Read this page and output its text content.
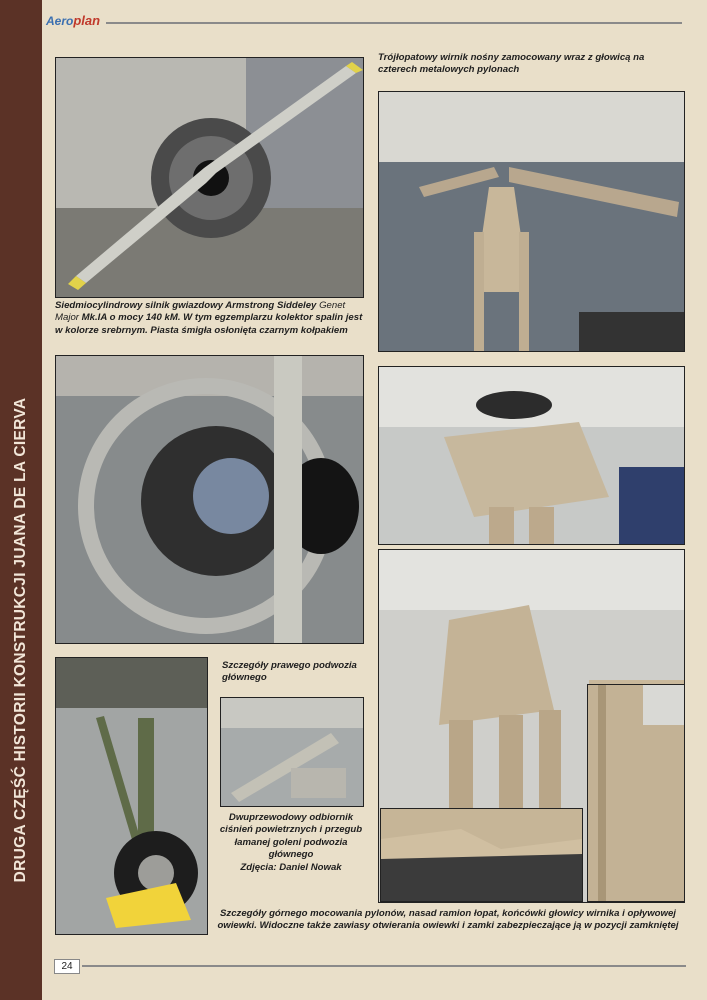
DRUGA CZĘŚĆ HISTORII KONSTRUKCJI JUANA DE LA CIERVA
Aero plan
Siedmiocylindrowy silnik gwiazdowy Armstrong Siddeley Genet Major Mk.IA o mocy 140 kM. W tym egzemplarzu kolektor spalin jest w kolorze srebrnym. Piasta śmigła osłonięta czarnym kołpakiem
Trójłopatowy wirnik nośny zamocowany wraz z głowicą na czterech metalowych pylonach
Szczegóły prawego podwozia głównego
Dwuprzewodowy odbiornik ciśnień powietrznych i przegub łamanej goleni podwozia głównego
Zdjęcia: Daniel Nowak
Szczegóły górnego mocowania pylonów, nasad ramion łopat, końcówki głowicy wirnika i opływowej owiewki. Widoczne także zawiasy otwierania owiewki i zamki zabezpieczające ją w pozycji zamkniętej
24
